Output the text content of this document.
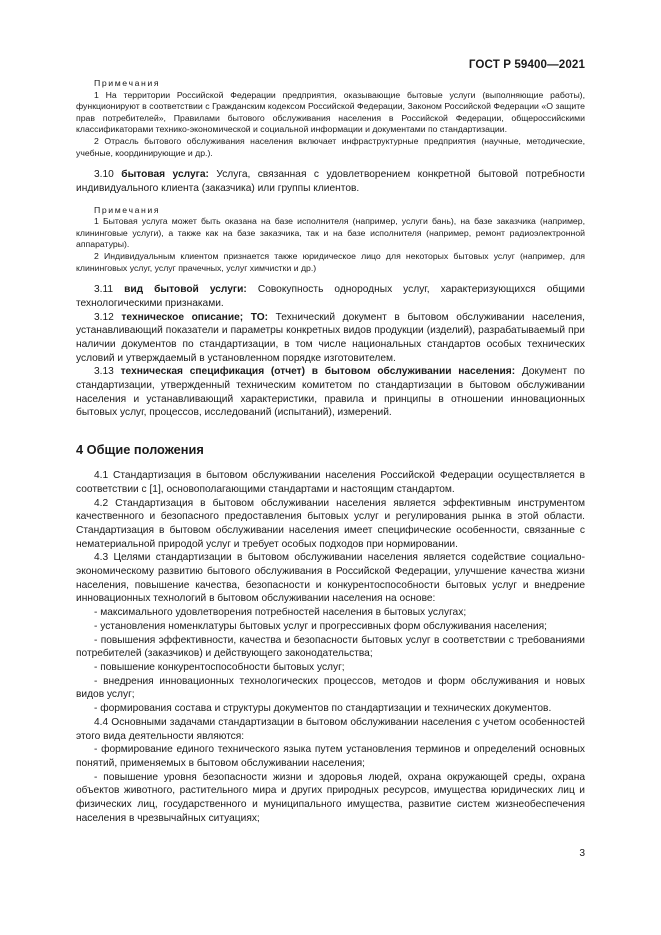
ГОСТ Р 59400—2021

Примечания

1 На территории Российской Федерации предприятия, оказывающие бытовые услуги (выполняющие работы), функционируют в соответствии с Гражданским кодексом Российской Федерации, Законом Российской Федерации «О защите прав потребителей», Правилами бытового обслуживания населения в Российской Федерации, общероссийскими классификаторами технико-экономической и социальной информации и документами по стандартизации.

2 Отрасль бытового обслуживания населения включает инфраструктурные предприятия (научные, методические, учебные, координирующие и др.).

3.10 бытовая услуга: Услуга, связанная с удовлетворением конкретной бытовой потребности индивидуального клиента (заказчика) или группы клиентов.

Примечания

1 Бытовая услуга может быть оказана на базе исполнителя (например, услуги бань), на базе заказчика (например, клининговые услуги), а также как на базе заказчика, так и на базе исполнителя (например, ремонт радиоэлектронной аппаратуры).

2 Индивидуальным клиентом признается также юридическое лицо для некоторых бытовых услуг (например, для клининговых услуг, услуг прачечных, услуг химчистки и др.)

3.11 вид бытовой услуги: Совокупность однородных услуг, характеризующихся общими технологическими признаками.

3.12 техническое описание; ТО: Технический документ в бытовом обслуживании населения, устанавливающий показатели и параметры конкретных видов продукции (изделий), разрабатываемый при наличии документов по стандартизации, в том числе национальных стандартов особых технических условий и утверждаемый в установленном порядке изготовителем.

3.13 техническая спецификация (отчет) в бытовом обслуживании населения: Документ по стандартизации, утвержденный техническим комитетом по стандартизации в бытовом обслуживании населения и устанавливающий характеристики, правила и принципы в отношении инновационных бытовых услуг, процессов, исследований (испытаний), измерений.

4 Общие положения

4.1 Стандартизация в бытовом обслуживании населения Российской Федерации осуществляется в соответствии с [1], основополагающими стандартами и настоящим стандартом.

4.2 Стандартизация в бытовом обслуживании населения является эффективным инструментом качественного и безопасного предоставления бытовых услуг и регулирования рынка в этой области. Стандартизация в бытовом обслуживании населения имеет специфические особенности, связанные с нематериальной природой услуг и требует особых подходов при нормировании.

4.3 Целями стандартизации в бытовом обслуживании населения является содействие социально-экономическому развитию бытового обслуживания в Российской Федерации, улучшение качества жизни населения, повышение качества, безопасности и конкурентоспособности бытовых услуг и внедрение инновационных технологий в бытовом обслуживании населения на основе:

- максимального удовлетворения потребностей населения в бытовых услугах;

- установления номенклатуры бытовых услуг и прогрессивных форм обслуживания населения;

- повышения эффективности, качества и безопасности бытовых услуг в соответствии с требованиями потребителей (заказчиков) и действующего законодательства;

- повышение конкурентоспособности бытовых услуг;

- внедрения инновационных технологических процессов, методов и форм обслуживания и новых видов услуг;

- формирования состава и структуры документов по стандартизации и технических документов.

4.4 Основными задачами стандартизации в бытовом обслуживании населения с учетом особенностей этого вида деятельности являются:

- формирование единого технического языка путем установления терминов и определений основных понятий, применяемых в бытовом обслуживании населения;

- повышение уровня безопасности жизни и здоровья людей, охрана окружающей среды, охрана объектов животного, растительного мира и других природных ресурсов, имущества юридических лиц и физических лиц, государственного и муниципального имущества, развитие систем жизнеобеспечения населения в чрезвычайных ситуациях;

3
